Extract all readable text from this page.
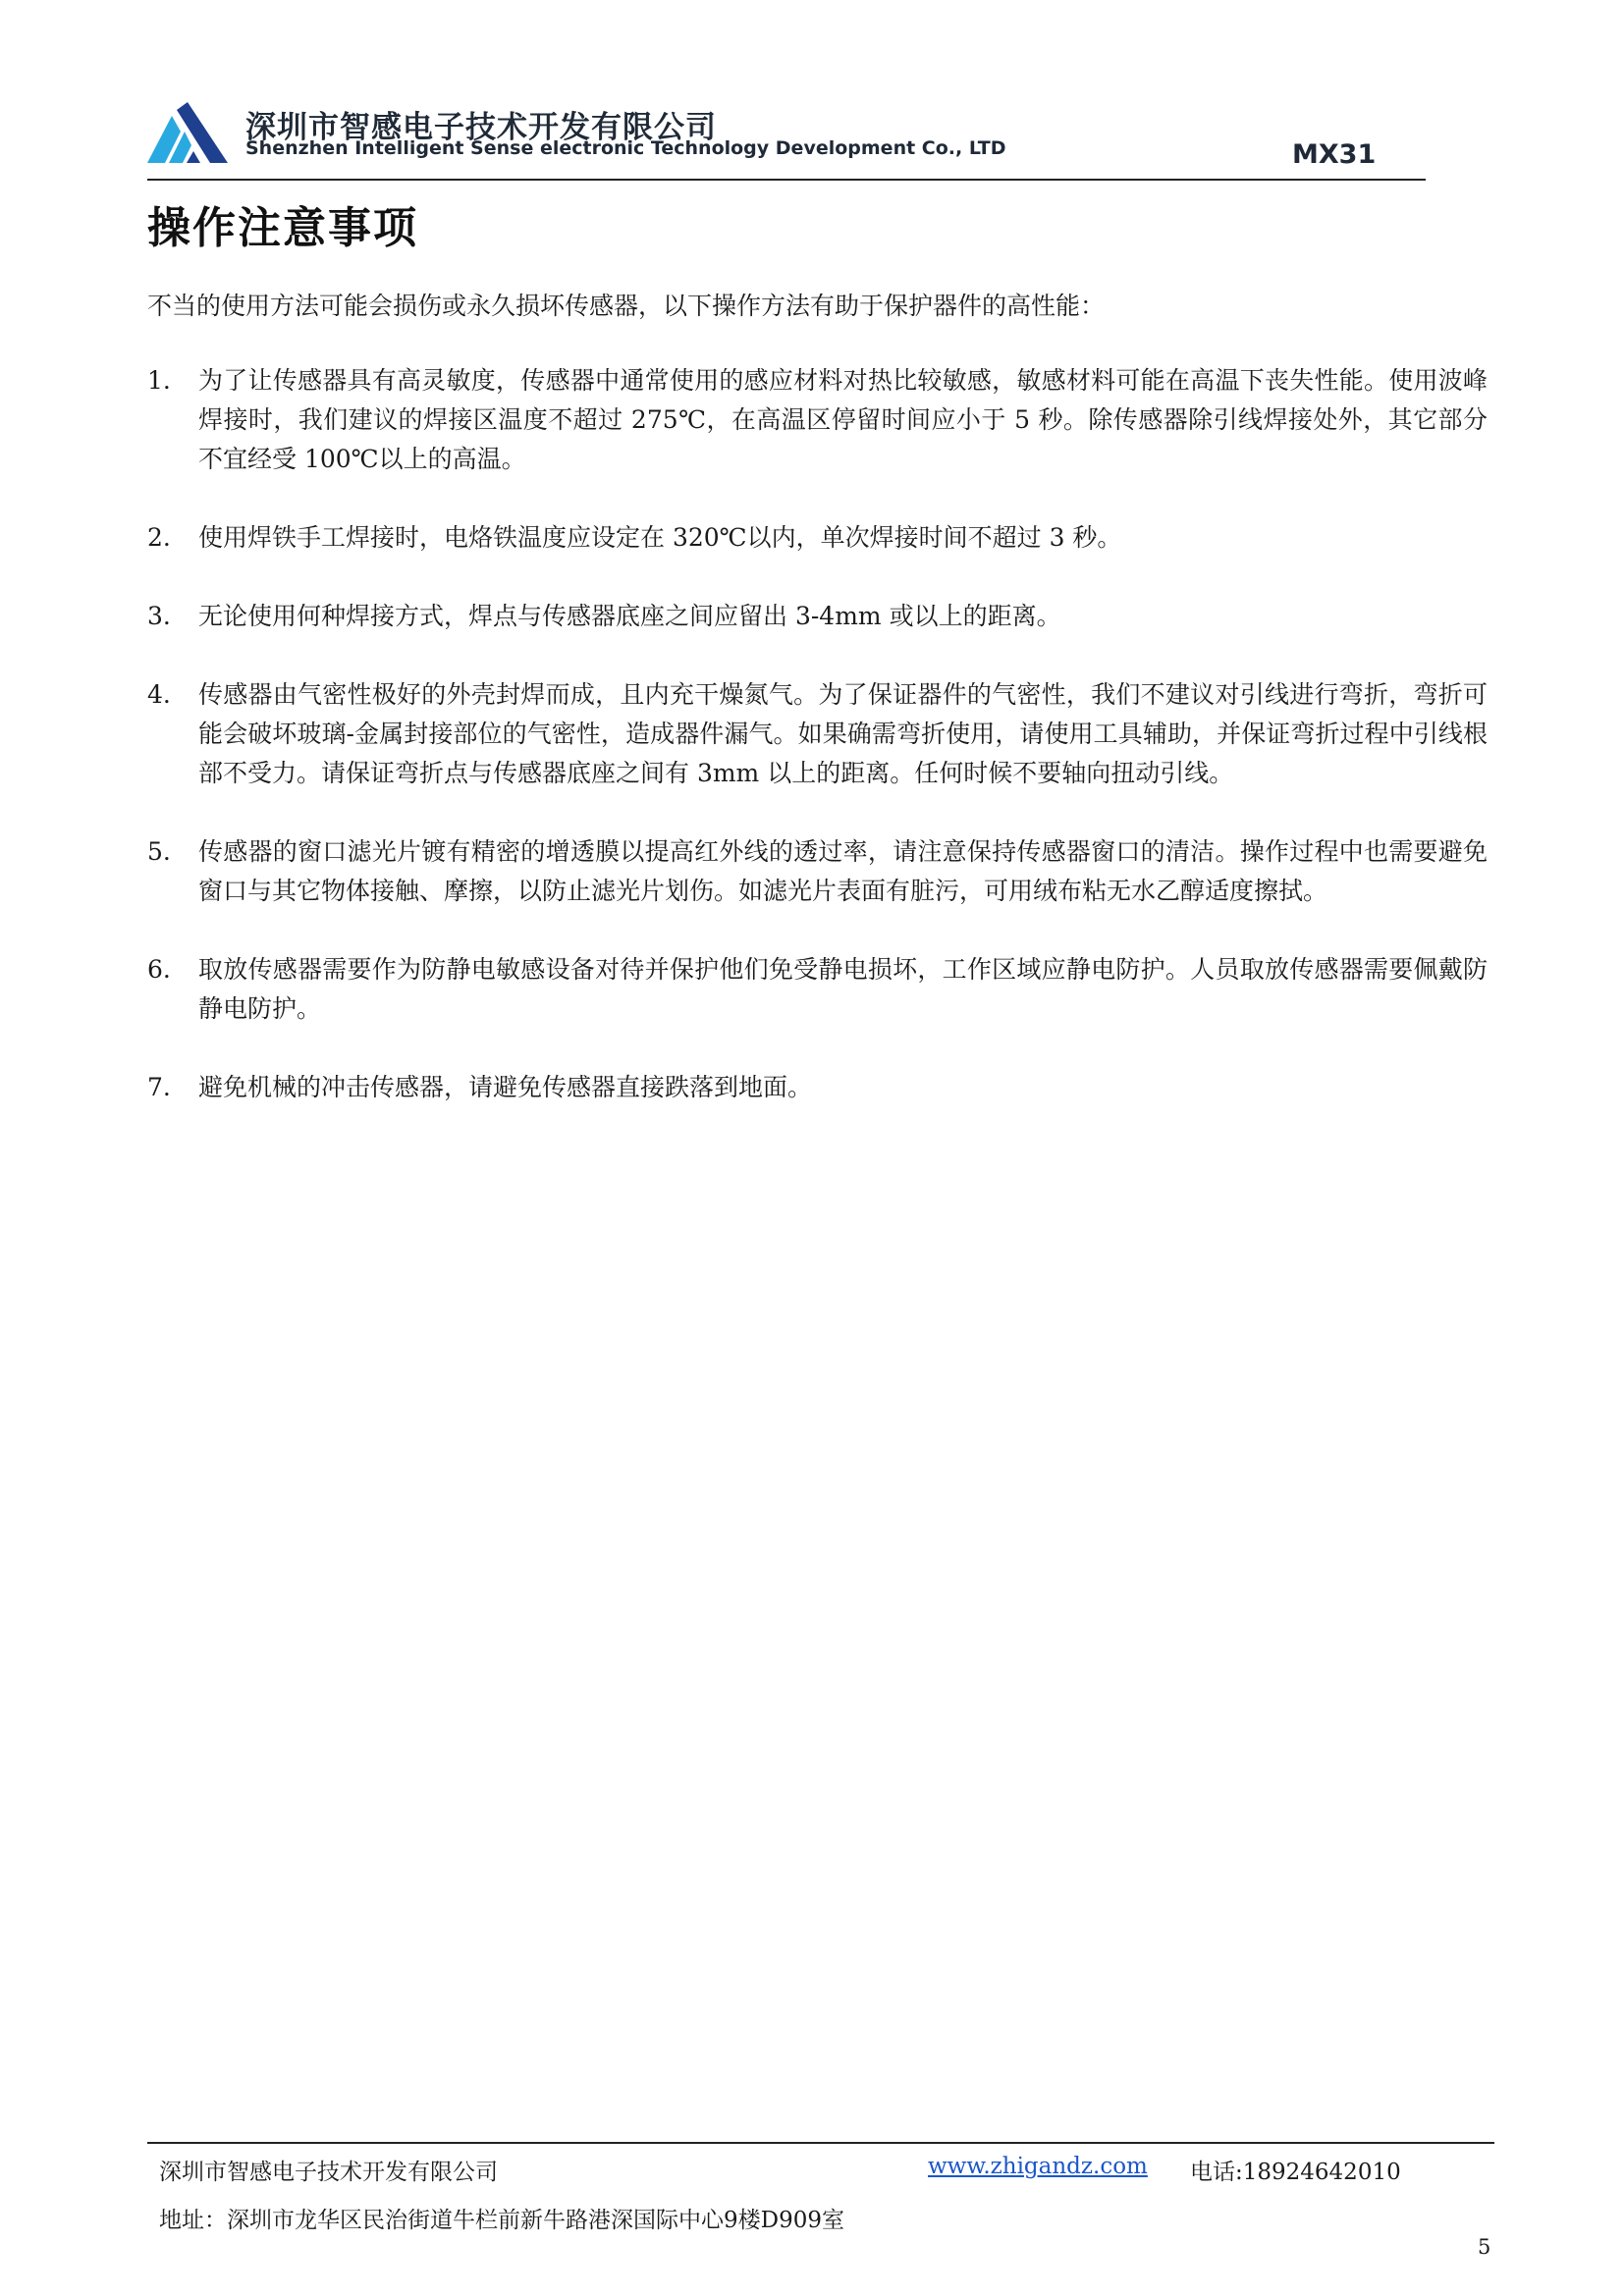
深圳市智感电子技术开发有限公司
Shenzhen Intelligent Sense electronic Technology Development Co., LTD	MX31
操作注意事项
不当的使用方法可能会损伤或永久损坏传感器，以下操作方法有助于保护器件的高性能：
1. 为了让传感器具有高灵敏度，传感器中通常使用的感应材料对热比较敏感，敏感材料可能在高温下丧失性能。使用波峰焊接时，我们建议的焊接区温度不超过 275℃，在高温区停留时间应小于 5 秒。除传感器除引线焊接处外，其它部分不宜经受 100℃以上的高温。
2. 使用焊铁手工焊接时，电烙铁温度应设定在 320℃以内，单次焊接时间不超过 3 秒。
3. 无论使用何种焊接方式，焊点与传感器底座之间应留出 3-4mm 或以上的距离。
4. 传感器由气密性极好的外壳封焊而成，且内充干燥氮气。为了保证器件的气密性，我们不建议对引线进行弯折，弯折可能会破坏玻璃-金属封接部位的气密性，造成器件漏气。如果确需弯折使用，请使用工具辅助，并保证弯折过程中引线根部不受力。请保证弯折点与传感器底座之间有 3mm 以上的距离。任何时候不要轴向扭动引线。
5. 传感器的窗口滤光片镀有精密的增透膜以提高红外线的透过率，请注意保持传感器窗口的清洁。操作过程中也需要避免窗口与其它物体接触、摩擦，以防止滤光片划伤。如滤光片表面有脏污，可用绒布粘无水乙醇适度擦拭。
6. 取放传感器需要作为防静电敏感设备对待并保护他们免受静电损坏，工作区域应静电防护。人员取放传感器需要佩戴防静电防护。
7. 避免机械的冲击传感器，请避免传感器直接跌落到地面。
深圳市智感电子技术开发有限公司	www.zhigandz.com 电话:18924642010
地址：深圳市龙华区民治街道牛栏前新牛路港深国际中心9楼D909室
5
